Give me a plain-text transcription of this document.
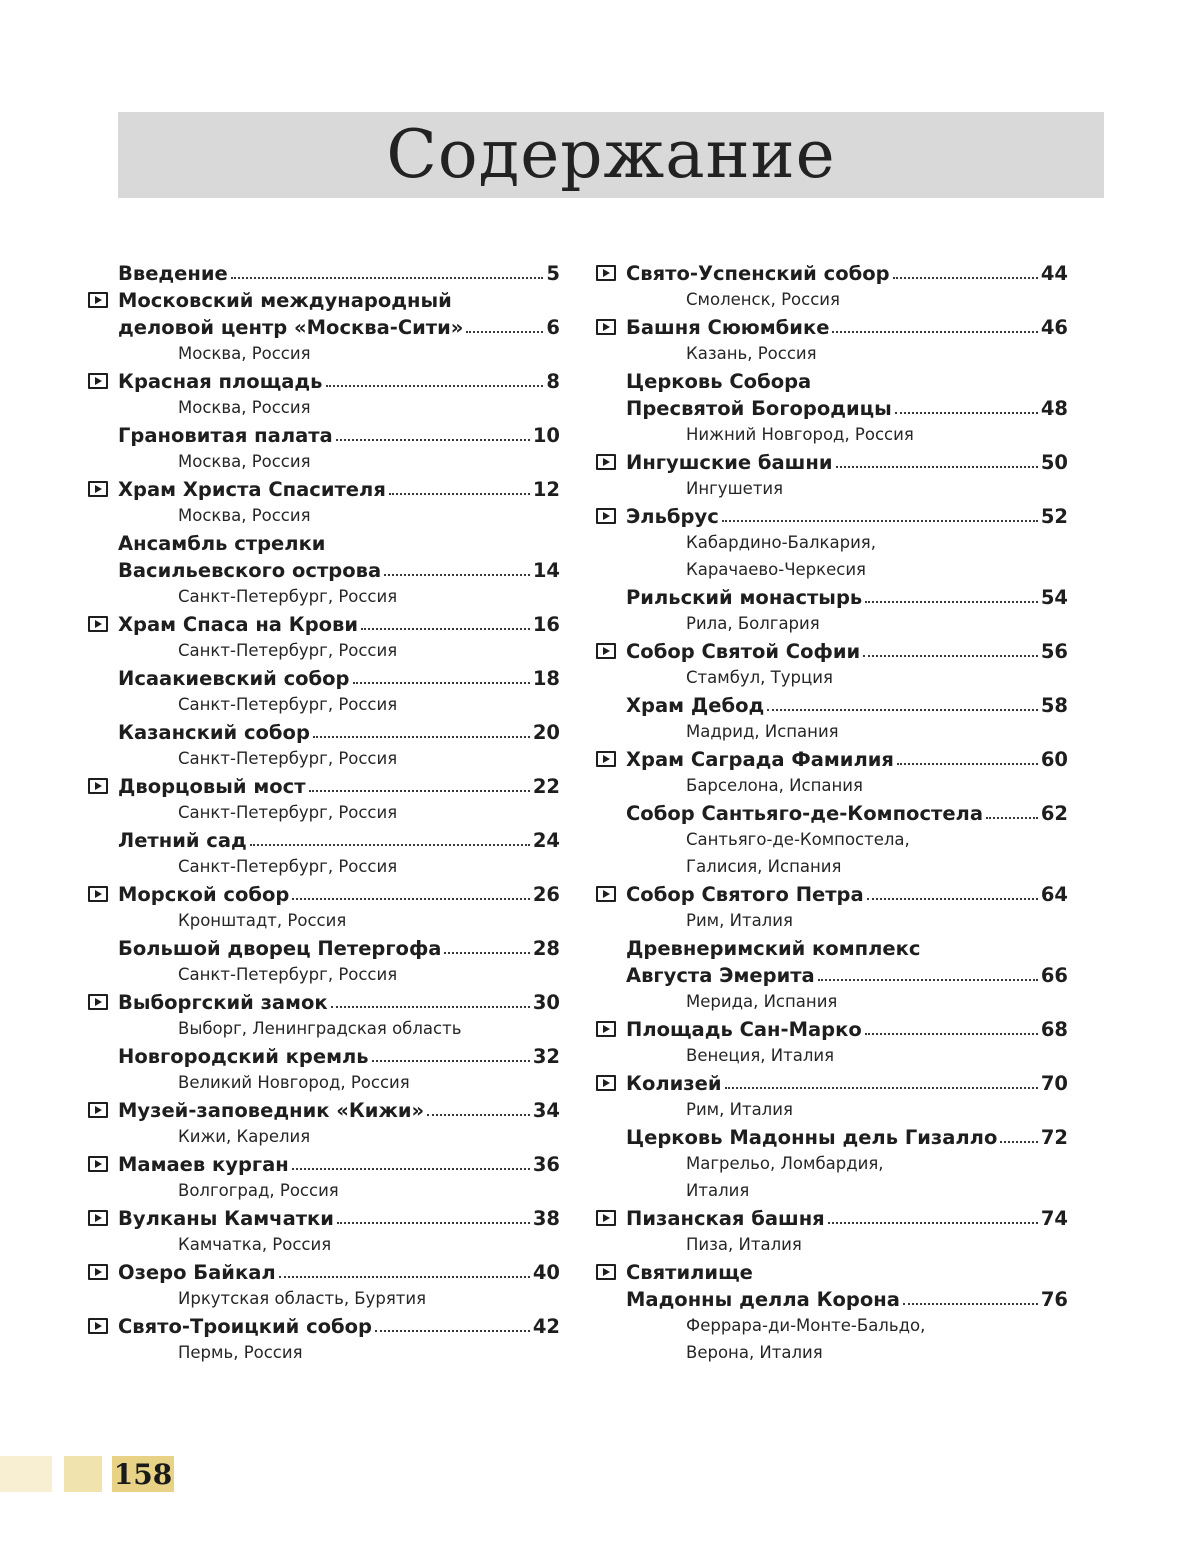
Содержание
Введение	5
Московский международный
деловой центр «Москва-Сити»	6
Москва, Россия
Красная площадь	8
Москва, Россия
Грановитая палата	10
Москва, Россия
Храм Христа Спасителя	12
Москва, Россия
Ансамбль стрелки
Васильевского острова	14
Санкт-Петербург, Россия
Храм Спаса на Крови	16
Санкт-Петербург, Россия
Исаакиевский собор	18
Санкт-Петербург, Россия
Казанский собор	20
Санкт-Петербург, Россия
Дворцовый мост	22
Санкт-Петербург, Россия
Летний сад	24
Санкт-Петербург, Россия
Морской собор	26
Кронштадт, Россия
Большой дворец Петергофа	28
Санкт-Петербург, Россия
Выборгский замок	30
Выборг, Ленинградская область
Новгородский кремль	32
Великий Новгород, Россия
Музей-заповедник «Кижи»	34
Кижи, Карелия
Мамаев курган	36
Волгоград, Россия
Вулканы Камчатки	38
Камчатка, Россия
Озеро Байкал	40
Иркутская область, Бурятия
Свято-Троицкий собор	42
Пермь, Россия
Свято-Успенский собор	44
Смоленск, Россия
Башня Сююмбике	46
Казань, Россия
Церковь Собора
Пресвятой Богородицы	48
Нижний Новгород, Россия
Ингушские башни	50
Ингушетия
Эльбрус	52
Кабардино-Балкария,
Карачаево-Черкесия
Рильский монастырь	54
Рила, Болгария
Собор Святой Софии	56
Стамбул, Турция
Храм Дебод	58
Мадрид, Испания
Храм Саграда Фамилия	60
Барселона, Испания
Собор Сантьяго-де-Компостела	62
Сантьяго-де-Компостела,
Галисия, Испания
Собор Святого Петра	64
Рим, Италия
Древнеримский комплекс
Августа Эмерита	66
Мерида, Испания
Площадь Сан-Марко	68
Венеция, Италия
Колизей	70
Рим, Италия
Церковь Мадонны дель Гизалло 72
Магрельо, Ломбардия,
Италия
Пизанская башня	74
Пиза, Италия
Святилище
Мадонны делла Корона	76
Феррара-ди-Монте-Бальдо,
Верона, Италия
158
